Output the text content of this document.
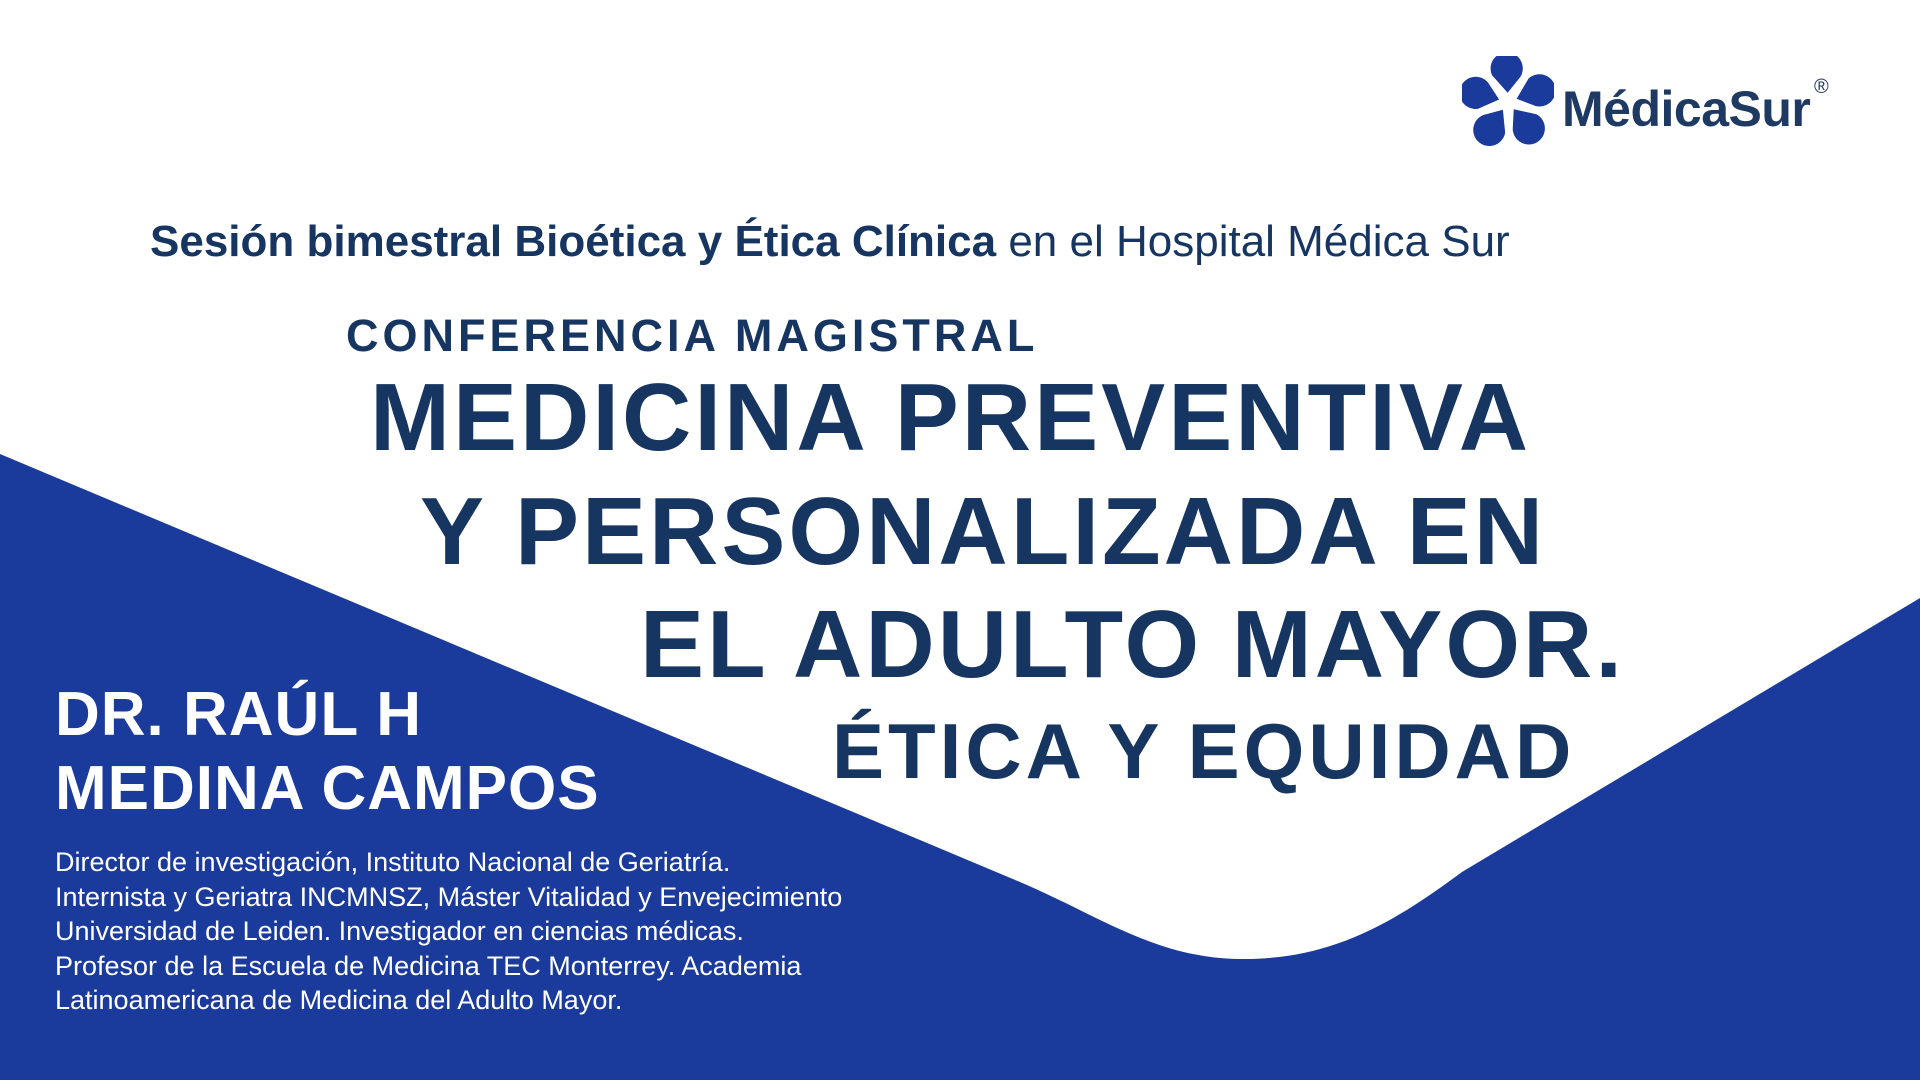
MédicaSur ®
Sesión bimestral Bioética y Ética Clínica en el Hospital Médica Sur
CONFERENCIA MAGISTRAL
MEDICINA PREVENTIVA
Y PERSONALIZADA EN
EL ADULTO MAYOR.
ÉTICA Y EQUIDAD
DR. RAÚL H
MEDINA CAMPOS
Director de investigación, Instituto Nacional de Geriatría.
Internista y Geriatra INCMNSZ, Máster Vitalidad y Envejecimiento
Universidad de Leiden. Investigador en ciencias médicas.
Profesor de la Escuela de Medicina TEC Monterrey. Academia
Latinoamericana de Medicina del Adulto Mayor.
